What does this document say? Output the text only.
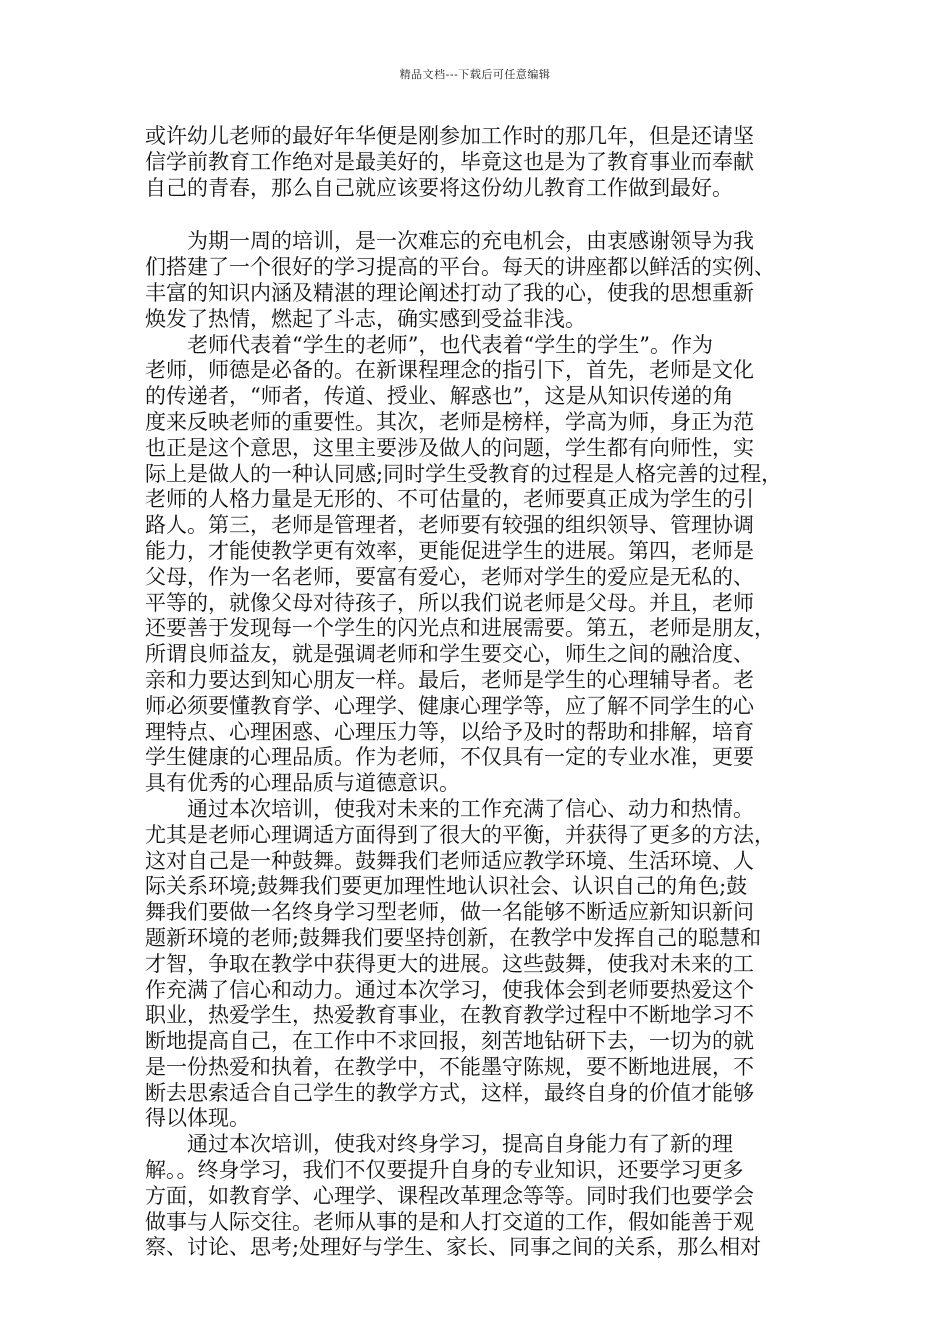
精品文档---下载后可任意编辑
或许幼儿老师的最好年华便是刚参加工作时的那几年，但是还请坚
信学前教育工作绝对是最美好的，毕竟这也是为了教育事业而奉献
自己的青春，那么自己就应该要将这份幼儿教育工作做到最好。
　　为期一周的培训，是一次难忘的充电机会，由衷感谢领导为我
们搭建了一个很好的学习提高的平台。每天的讲座都以鲜活的实例、
丰富的知识内涵及精湛的理论阐述打动了我的心，使我的思想重新
焕发了热情，燃起了斗志，确实感到受益非浅。
　　老师代表着“学生的老师”，也代表着“学生的学生”。作为
老师，师德是必备的。在新课程理念的指引下，首先，老师是文化
的传递者，“师者，传道、授业、解惑也”，这是从知识传递的角
度来反映老师的重要性。其次，老师是榜样，学高为师，身正为范
也正是这个意思，这里主要涉及做人的问题，学生都有向师性，实
际上是做人的一种认同感;同时学生受教育的过程是人格完善的过程，
老师的人格力量是无形的、不可估量的，老师要真正成为学生的引
路人。第三，老师是管理者，老师要有较强的组织领导、管理协调
能力，才能使教学更有效率，更能促进学生的进展。第四，老师是
父母，作为一名老师，要富有爱心，老师对学生的爱应是无私的、
平等的，就像父母对待孩子，所以我们说老师是父母。并且，老师
还要善于发现每一个学生的闪光点和进展需要。第五，老师是朋友，
所谓良师益友，就是强调老师和学生要交心，师生之间的融洽度、
亲和力要达到知心朋友一样。最后，老师是学生的心理辅导者。老
师必须要懂教育学、心理学、健康心理学等，应了解不同学生的心
理特点、心理困惑、心理压力等，以给予及时的帮助和排解，培育
学生健康的心理品质。作为老师，不仅具有一定的专业水准，更要
具有优秀的心理品质与道德意识。
　　通过本次培训，使我对未来的工作充满了信心、动力和热情。
尤其是老师心理调适方面得到了很大的平衡，并获得了更多的方法，
这对自己是一种鼓舞。鼓舞我们老师适应教学环境、生活环境、人
际关系环境;鼓舞我们要更加理性地认识社会、认识自己的角色;鼓
舞我们要做一名终身学习型老师，做一名能够不断适应新知识新问
题新环境的老师;鼓舞我们要坚持创新，在教学中发挥自己的聪慧和
才智，争取在教学中获得更大的进展。这些鼓舞，使我对未来的工
作充满了信心和动力。通过本次学习，使我体会到老师要热爱这个
职业，热爱学生，热爱教育事业，在教育教学过程中不断地学习不
断地提高自己，在工作中不求回报，刻苦地钻研下去，一切为的就
是一份热爱和执着，在教学中，不能墨守陈规，要不断地进展，不
断去思索适合自己学生的教学方式，这样，最终自身的价值才能够
得以体现。
　　通过本次培训，使我对终身学习，提高自身能力有了新的理
解。。终身学习，我们不仅要提升自身的专业知识，还要学习更多
方面，如教育学、心理学、课程改革理念等等。同时我们也要学会
做事与人际交往。老师从事的是和人打交道的工作，假如能善于观
察、讨论、思考;处理好与学生、家长、同事之间的关系，那么相对
